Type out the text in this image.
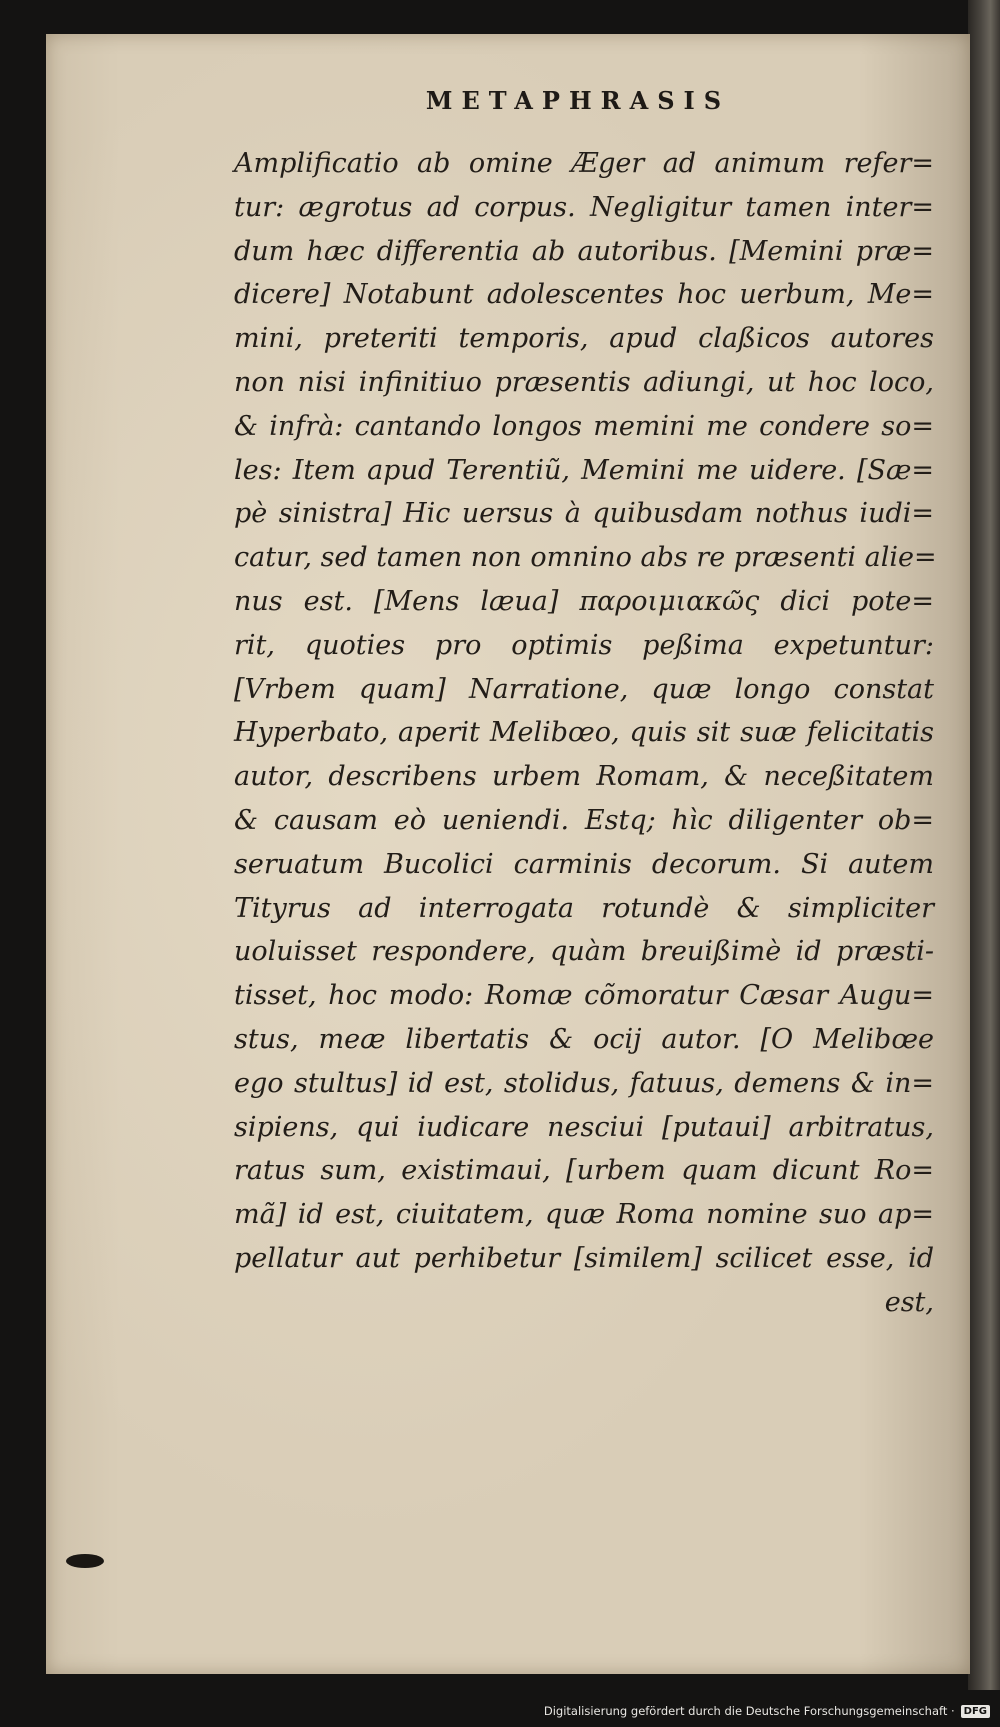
METAPHRASIS
Amplificatio ab omine Æger ad animum refer=
tur: ægrotus ad corpus. Negligitur tamen inter=
dum hæc differentia ab autoribus. [Memini præ=
dicere] Notabunt adolescentes hoc uerbum, Me=
mini, preteriti temporis, apud claßicos autores
non nisi infinitiuo præsentis adiungi, ut hoc loco,
& infrà: cantando longos memini me condere so=
les: Item apud Terentiũ, Memini me uidere. [Sæ=
pè sinistra] Hic uersus à quibusdam nothus iudi=
catur, sed tamen non omnino abs re præsenti alie=
nus est. [Mens læua] παροιμιακῶς dici pote=
rit, quoties pro optimis peßima expetuntur:
[Vrbem quam] Narratione, quæ longo constat
Hyperbato, aperit Melibœo, quis sit suæ felicitatis
autor, describens urbem Romam, & neceßitatem
& causam eò ueniendi. Estq; hìc diligenter ob=
seruatum Bucolici carminis decorum. Si autem
Tityrus ad interrogata rotundè & simpliciter
uoluisset respondere, quàm breuißimè id præsti-
tisset, hoc modo: Romæ cõmoratur Cæsar Augu=
stus, meæ libertatis & ocij autor. [O Melibœe
ego stultus] id est, stolidus, fatuus, demens & in=
sipiens, qui iudicare nesciui [putaui] arbitratus,
ratus sum, existimaui, [urbem quam dicunt Ro=
mã] id est, ciuitatem, quæ Roma nomine suo ap=
pellatur aut perhibetur [similem] scilicet esse, id
est,
Digitalisierung gefördert durch die Deutsche Forschungsgemeinschaft · DFG
